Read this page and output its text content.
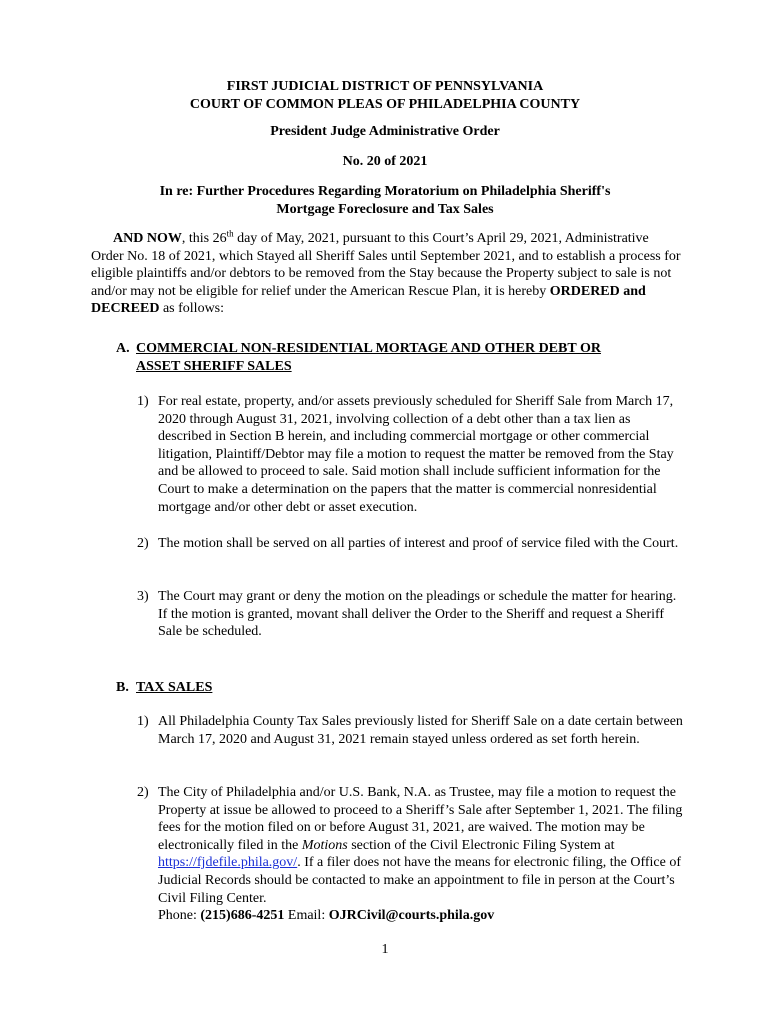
FIRST JUDICIAL DISTRICT OF PENNSYLVANIA
COURT OF COMMON PLEAS OF PHILADELPHIA COUNTY
President Judge Administrative Order
No. 20 of 2021
In re: Further Procedures Regarding Moratorium on Philadelphia Sheriff's
Mortgage Foreclosure and Tax Sales
AND NOW, this 26th day of May, 2021, pursuant to this Court’s April 29, 2021, Administrative Order No. 18 of 2021, which Stayed all Sheriff Sales until September 2021, and to establish a process for eligible plaintiffs and/or debtors to be removed from the Stay because the Property subject to sale is not and/or may not be eligible for relief under the American Rescue Plan, it is hereby ORDERED and DECREED as follows:
A. COMMERCIAL NON-RESIDENTIAL MORTAGE AND OTHER DEBT OR
ASSET SHERIFF SALES
1) For real estate, property, and/or assets previously scheduled for Sheriff Sale from March 17, 2020 through August 31, 2021, involving collection of a debt other than a tax lien as described in Section B herein, and including commercial mortgage or other commercial litigation, Plaintiff/Debtor may file a motion to request the matter be removed from the Stay and be allowed to proceed to sale. Said motion shall include sufficient information for the Court to make a determination on the papers that the matter is commercial nonresidential mortgage and/or other debt or asset execution.
2) The motion shall be served on all parties of interest and proof of service filed with the Court.
3) The Court may grant or deny the motion on the pleadings or schedule the matter for hearing. If the motion is granted, movant shall deliver the Order to the Sheriff and request a Sheriff Sale be scheduled.
B. TAX SALES
1) All Philadelphia County Tax Sales previously listed for Sheriff Sale on a date certain between March 17, 2020 and August 31, 2021 remain stayed unless ordered as set forth herein.
2) The City of Philadelphia and/or U.S. Bank, N.A. as Trustee, may file a motion to request the Property at issue be allowed to proceed to a Sheriff’s Sale after September 1, 2021. The filing fees for the motion filed on or before August 31, 2021, are waived. The motion may be electronically filed in the Motions section of the Civil Electronic Filing System at https://fjdefile.phila.gov/. If a filer does not have the means for electronic filing, the Office of Judicial Records should be contacted to make an appointment to file in person at the Court’s Civil Filing Center.
Phone: (215)686-4251 Email: OJRCivil@courts.phila.gov
1
